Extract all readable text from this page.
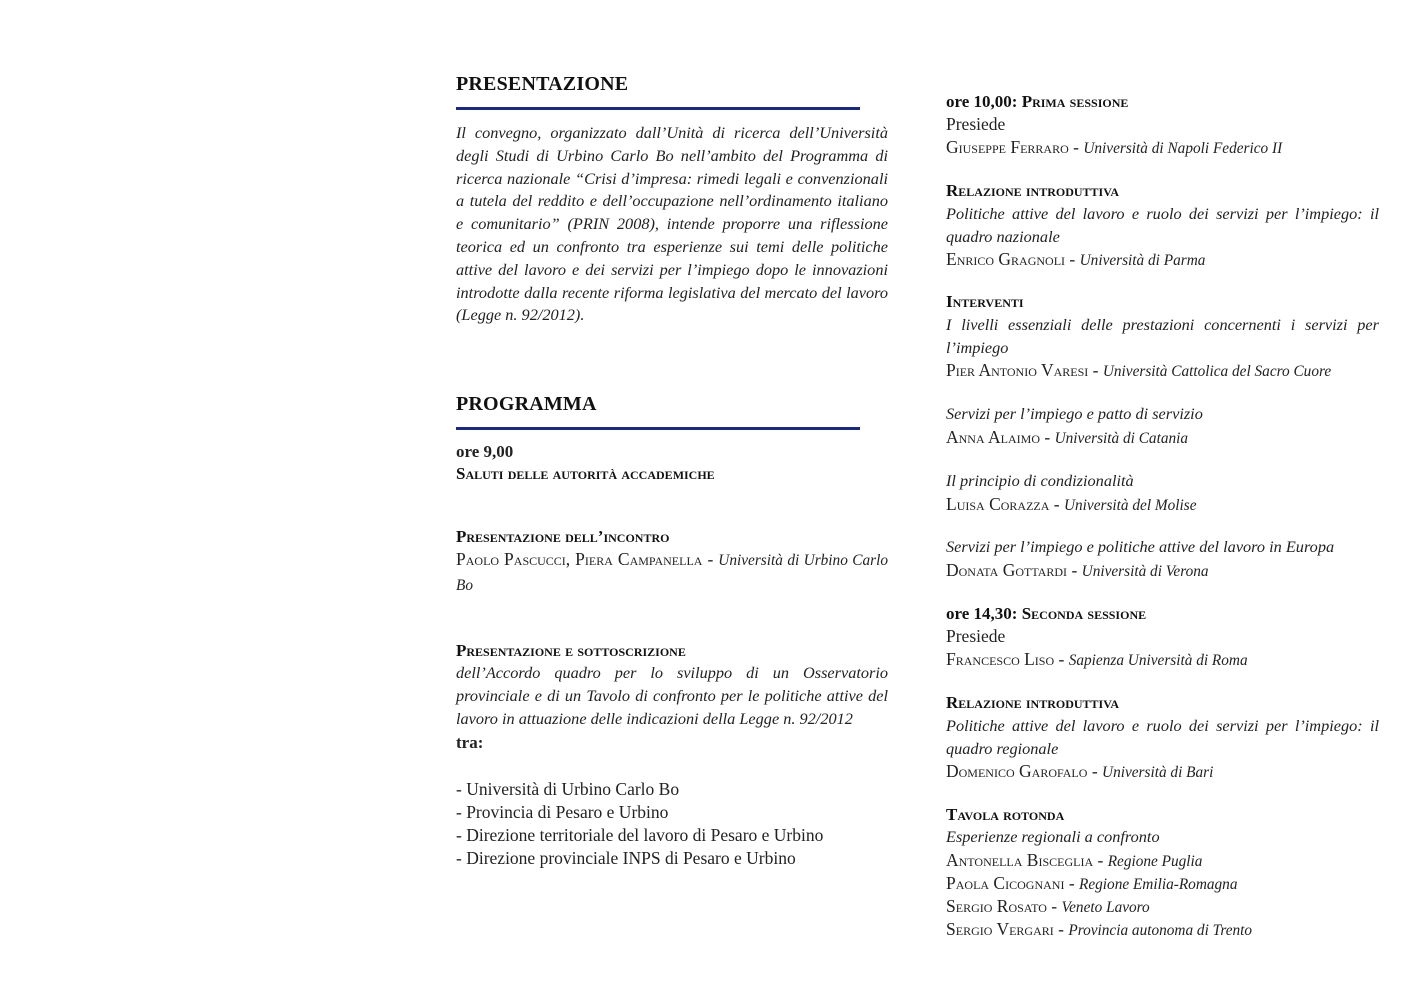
PRESENTAZIONE
Il convegno, organizzato dall’Unità di ricerca dell’Università degli Studi di Urbino Carlo Bo nell’ambito del Programma di ricerca nazionale “Crisi d’impresa: rimedi legali e convenzionali a tutela del reddito e dell’occupazione nell’ordinamento italiano e comunitario” (PRIN 2008), intende proporre una riflessione teorica ed un confronto tra esperienze sui temi delle politiche attive del lavoro e dei servizi per l’impiego dopo le innovazioni introdotte dalla recente riforma legislativa del mercato del lavoro (Legge n. 92/2012).
PROGRAMMA
ore 9,00
Saluti delle autorità accademiche
Presentazione dell’incontro
Paolo Pascucci, Piera Campanella - Università di Urbino Carlo Bo
Presentazione e sottoscrizione
dell’Accordo quadro per lo sviluppo di un Osservatorio provinciale e di un Tavolo di confronto per le politiche attive del lavoro in attuazione delle indicazioni della Legge n. 92/2012
tra:
- Università di Urbino Carlo Bo
- Provincia di Pesaro e Urbino
- Direzione territoriale del lavoro di Pesaro e Urbino
- Direzione provinciale INPS di Pesaro e Urbino
ore 10,00: Prima sessione
Presiede
Giuseppe Ferraro - Università di Napoli Federico II
Relazione introduttiva
Politiche attive del lavoro e ruolo dei servizi per l’impiego: il quadro nazionale
Enrico Gragnoli - Università di Parma
Interventi
I livelli essenziali delle prestazioni concernenti i servizi per l’impiego
Pier Antonio Varesi - Università Cattolica del Sacro Cuore
Servizi per l’impiego e patto di servizio
Anna Alaimo - Università di Catania
Il principio di condizionalità
Luisa Corazza - Università del Molise
Servizi per l’impiego e politiche attive del lavoro in Europa
Donata Gottardi - Università di Verona
ore 14,30: Seconda sessione
Presiede
Francesco Liso - Sapienza Università di Roma
Relazione introduttiva
Politiche attive del lavoro e ruolo dei servizi per l’impiego: il quadro regionale
Domenico Garofalo - Università di Bari
Tavola rotonda
Esperienze regionali a confronto
Antonella Bisceglia - Regione Puglia
Paola Cicognani - Regione Emilia-Romagna
Sergio Rosato - Veneto Lavoro
Sergio Vergari - Provincia autonoma di Trento
